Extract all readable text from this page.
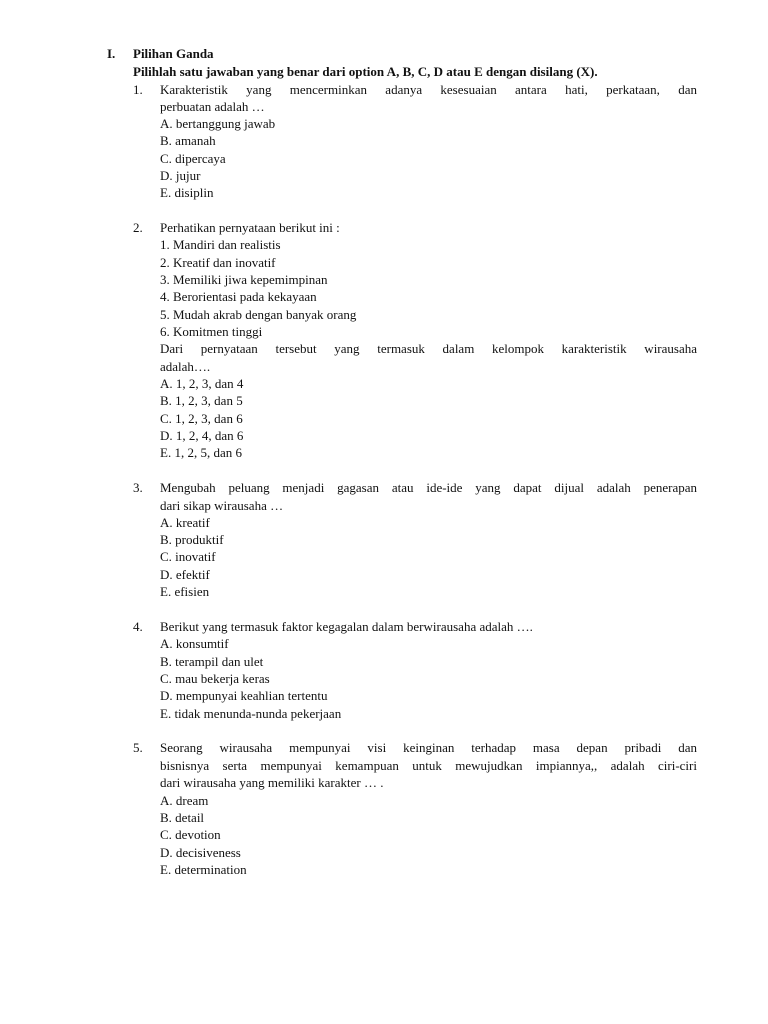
I. Pilihan Ganda
Pilihlah satu jawaban yang benar dari option A, B, C, D atau E dengan disilang (X).
1. Karakteristik yang mencerminkan adanya kesesuaian antara hati, perkataan, dan
perbuatan adalah …
A. bertanggung jawab
B. amanah
C. dipercaya
D. jujur
E. disiplin
2. Perhatikan pernyataan berikut ini :
1. Mandiri dan realistis
2. Kreatif dan inovatif
3. Memiliki jiwa kepemimpinan
4. Berorientasi pada kekayaan
5. Mudah akrab dengan banyak orang
6. Komitmen tinggi
Dari pernyataan tersebut yang termasuk dalam kelompok karakteristik wirausaha
adalah….
A. 1, 2, 3, dan 4
B. 1, 2, 3, dan 5
C. 1, 2, 3, dan 6
D. 1, 2, 4, dan 6
E. 1, 2, 5, dan 6
3. Mengubah peluang menjadi gagasan atau ide-ide yang dapat dijual adalah penerapan
dari sikap wirausaha …
A. kreatif
B. produktif
C. inovatif
D. efektif
E. efisien
4. Berikut yang termasuk faktor kegagalan dalam berwirausaha adalah ….
A. konsumtif
B. terampil dan ulet
C. mau bekerja keras
D. mempunyai keahlian tertentu
E. tidak menunda-nunda pekerjaan
5. Seorang wirausaha mempunyai visi keinginan terhadap masa depan pribadi dan
bisnisnya serta mempunyai kemampuan untuk mewujudkan impiannya,, adalah ciri-ciri
dari wirausaha yang memiliki karakter … .
A. dream
B. detail
C. devotion
D. decisiveness
E. determination
